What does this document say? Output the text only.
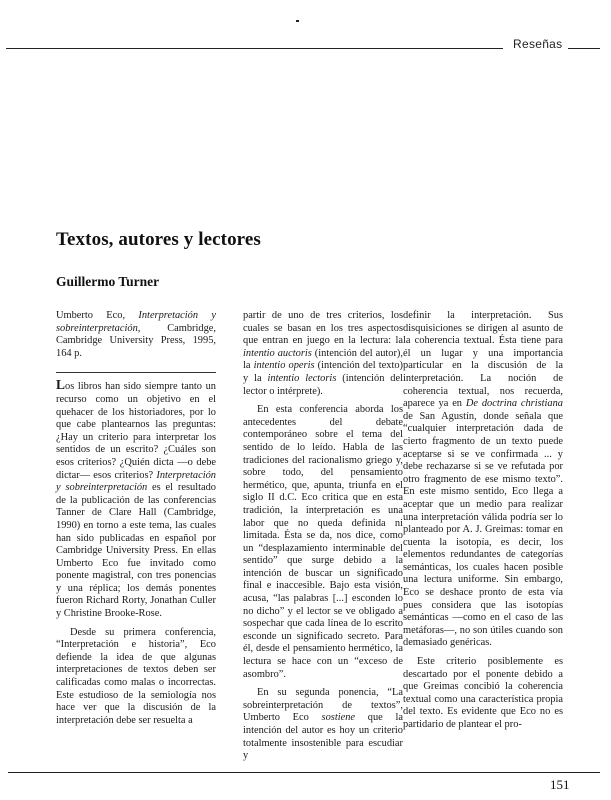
Reseñas
Textos, autores y lectores
Guillermo Turner

Umberto Eco, Interpretación y sobreinterpretación, Cambridge, Cambridge University Press, 1995, 164 p.

Los libros han sido siempre tanto un recurso como un objetivo en el quehacer de los historiadores, por lo que cabe plantearnos las preguntas: ¿Hay un criterio para interpretar los sentidos de un escrito? ¿Cuáles son esos criterios? ¿Quién dicta —o debe dictar— esos criterios? Interpretación y sobreinterpretación es el resultado de la publicación de las conferencias Tanner de Clare Hall (Cambridge, 1990) en torno a este tema, las cuales han sido publicadas en español por Cambridge University Press. En ellas Umberto Eco fue invitado como ponente magistral, con tres ponencias y una réplica; los demás ponentes fueron Richard Rorty, Jonathan Culler y Christine Brooke-Rose.

Desde su primera conferencia, “Interpretación e historia”, Eco defiende la idea de que algunas interpretaciones de textos deben ser calificadas como malas o incorrectas. Este estudioso de la semiología nos hace ver que la discusión de la interpretación debe ser resuelta a

partir de uno de tres criterios, los cuales se basan en los tres aspectos que entran en juego en la lectura: la intentio auctoris (intención del autor), la intentio operis (intención del texto) y la intentio lectoris (intención del lector o intérprete).

En esta conferencia aborda los antecedentes del debate contemporáneo sobre el tema del sentido de lo leído. Habla de las tradiciones del racionalismo griego y, sobre todo, del pensamiento hermético, que, apunta, triunfa en el siglo II d.C. Eco critica que en esta tradición, la interpretación es una labor que no queda definida ni limitada. Ésta se da, nos dice, como un “desplazamiento interminable del sentido” que surge debido a la intención de buscar un significado final e inaccesible. Bajo esta visión, acusa, “las palabras [...] esconden lo no dicho” y el lector se ve obligado a sospechar que cada línea de lo escrito esconde un significado secreto. Para él, desde el pensamiento hermético, la lectura se hace con un “exceso de asombro”.

En su segunda ponencia, “La sobreinterpretación de textos”, Umberto Eco sostiene que la intención del autor es hoy un criterio totalmente insostenible para escudiar y

definir la interpretación. Sus disquisiciones se dirigen al asunto de la coherencia textual. Ésta tiene para él un lugar y una importancia particular en la discusión de la interpretación. La noción de coherencia textual, nos recuerda, aparece ya en De doctrina christiana de San Agustín, donde señala que “cualquier interpretación dada de cierto fragmento de un texto puede aceptarse si se ve confirmada ... y debe rechazarse si se ve refutada por otro fragmento de ese mismo texto”. En este mismo sentido, Eco llega a aceptar que un medio para realizar una interpretación válida podría ser lo planteado por A. J. Greimas: tomar en cuenta la isotopía, es decir, los elementos redundantes de categorías semánticas, los cuales hacen posible una lectura uniforme. Sin embargo, Eco se deshace pronto de esta vía pues considera que las isotopías semánticas —como en el caso de las metáforas—, no son útiles cuando son demasiado genéricas.

Este criterio posiblemente es descartado por el ponente debido a que Greimas concibió la coherencia textual como una característica propia del texto. Es evidente que Eco no es partidario de plantear el pro-

151
